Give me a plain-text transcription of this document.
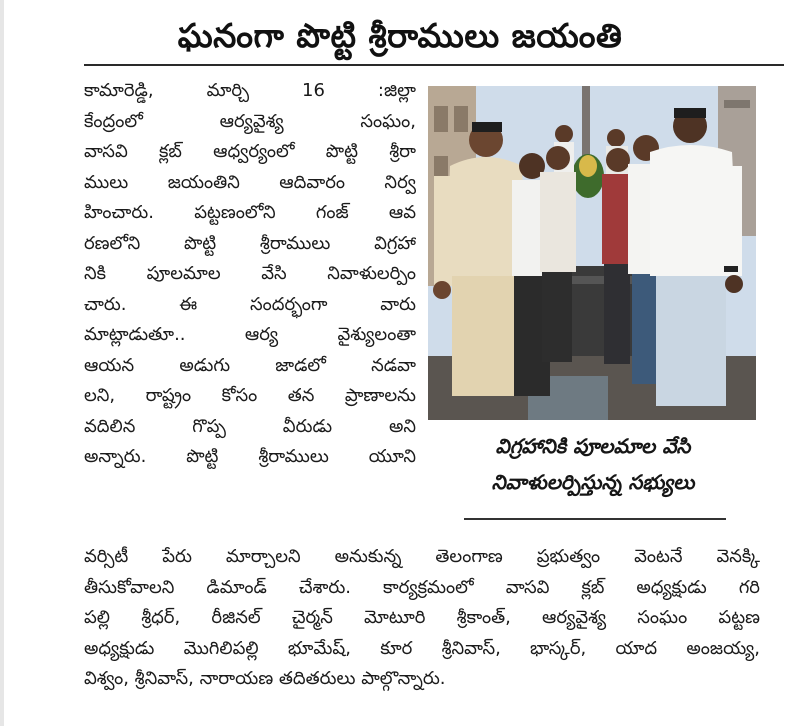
ఘనంగా పొట్టి శ్రీరాములు జయంతి
కామారెడ్డి, మార్చి 16 :జిల్లా
కేంద్రంలో ఆర్యవైశ్య సంఘం,
వాసవి క్లబ్ ఆధ్వర్యంలో పొట్టి శ్రీరా
ములు జయంతిని ఆదివారం నిర్వ
హించారు. పట్టణంలోని గంజ్ ఆవ
రణలోని పొట్టి శ్రీరాములు విగ్రహా
నికి పూలమాల వేసి నివాళులర్పిం
చారు. ఈ సందర్భంగా వారు
మాట్లాడుతూ.. ఆర్య వైశ్యులంతా
ఆయన అడుగు జాడలో నడవా
లని, రాష్ట్రం కోసం తన ప్రాణాలను
వదిలిన గొప్ప వీరుడు అని
అన్నారు. పొట్టి శ్రీరాములు యూని	విగ్రహానికి పూలమాల వేసి
నివాళులర్పిస్తున్న సభ్యులు
వర్సిటీ పేరు మార్చాలని అనుకున్న తెలంగాణ ప్రభుత్వం వెంటనే వెనక్కి
తీసుకోవాలని డిమాండ్ చేశారు. కార్యక్రమంలో వాసవి క్లబ్ అధ్యక్షుడు గరి
పల్లి శ్రీధర్, రీజినల్ చైర్మన్ మోటూరి శ్రీకాంత్, ఆర్యవైశ్య సంఘం పట్టణ
అధ్యక్షుడు మొగిలిపల్లి భూమేష్, కూర శ్రీనివాస్, భాస్కర్, యాద అంజయ్య,
విశ్వం, శ్రీనివాస్, నారాయణ తదితరులు పాల్గొన్నారు.
